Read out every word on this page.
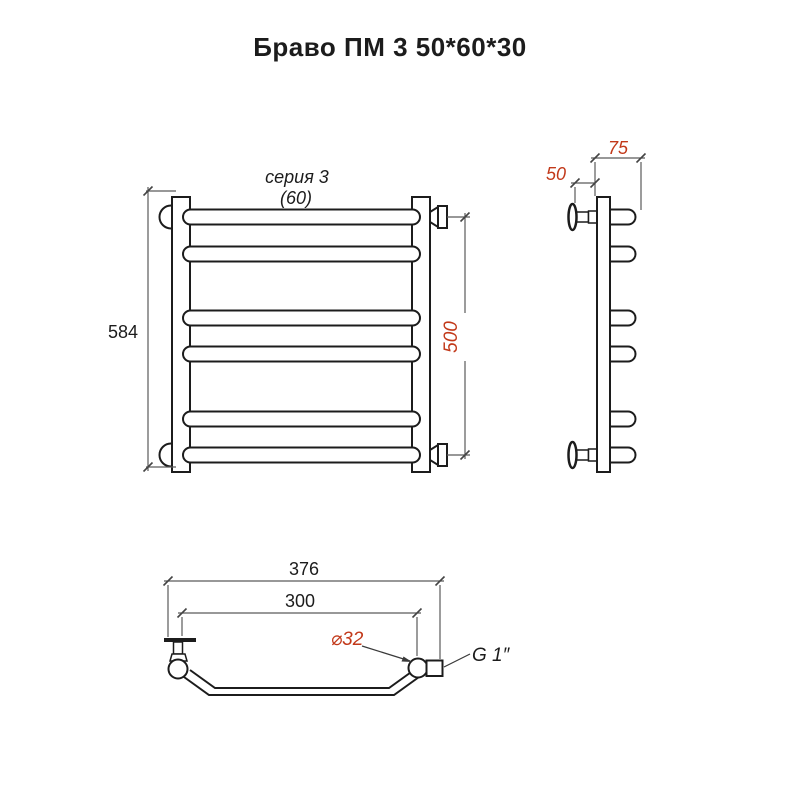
Браво ПМ 3 50*60*30
серия 3
(60)
584	500
75
50
376
300
⌀32
G 1″
